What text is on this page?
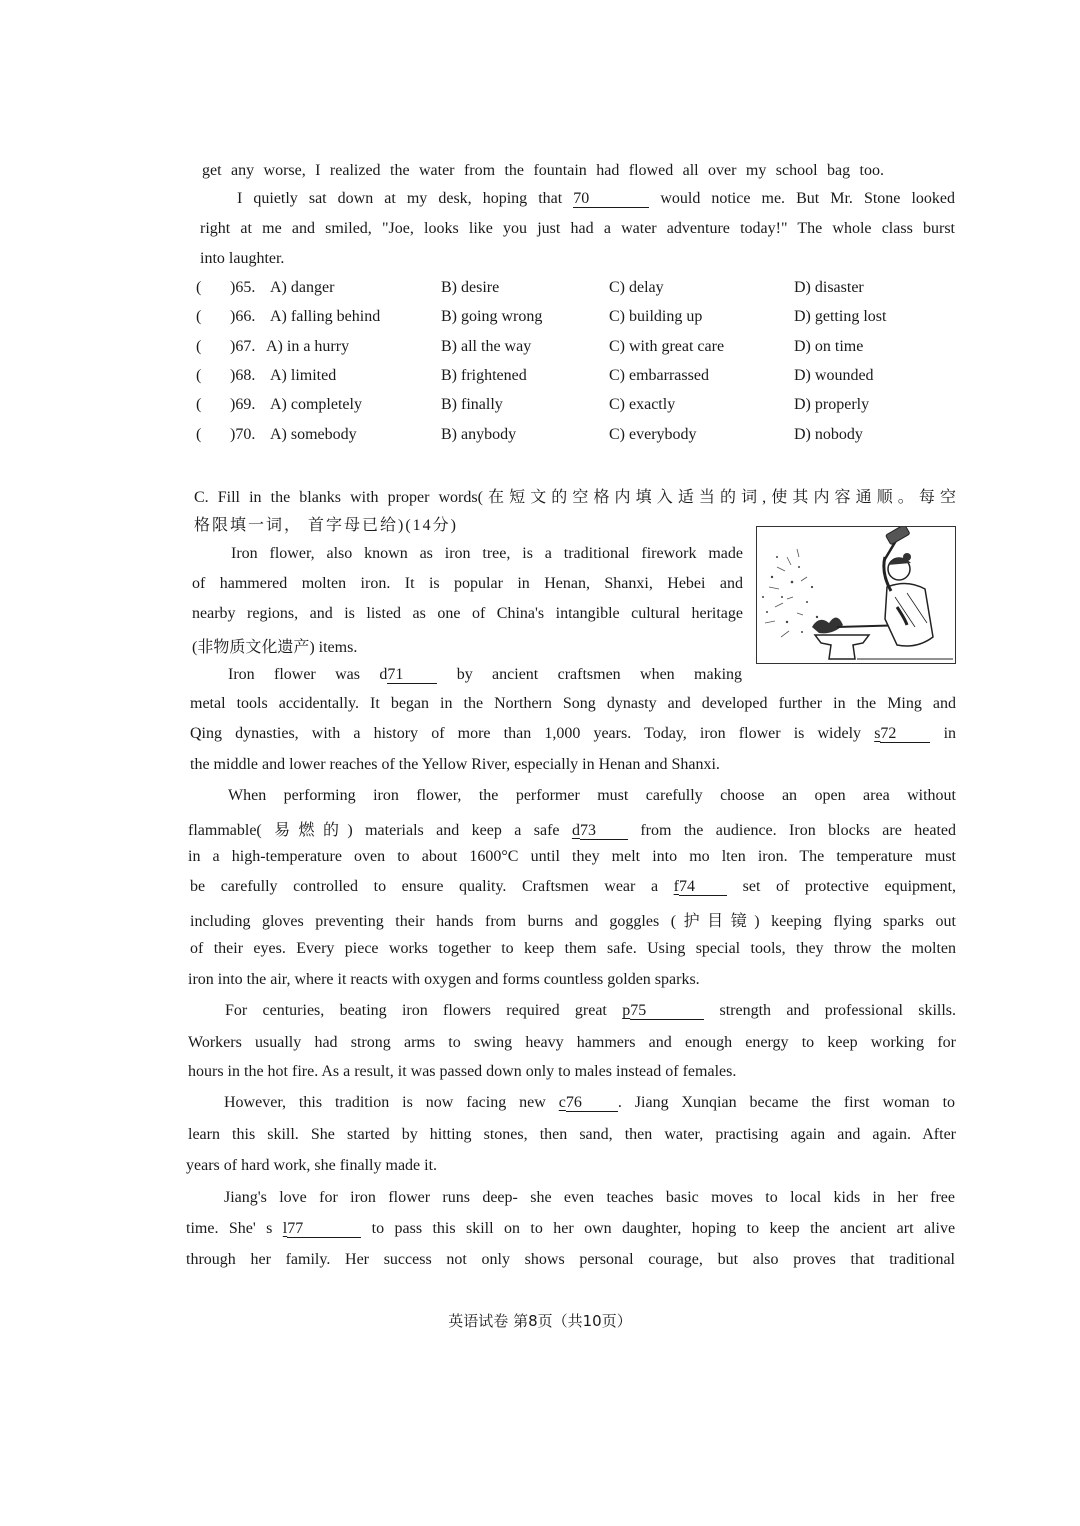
get any worse, I realized the water from the fountain had flowed all over my school bag too.
I quietly sat down at my desk, hoping that 70	would notice me. But Mr. Stone looked
right at me and smiled, "Joe, looks like you just had a water adventure today!" The whole class burst
into laughter.
( )65. A) danger	B) desire	C) delay	D) disaster
( )66. A) falling behind	B) going wrong	C) building up	D) getting lost
( )67. A) in a hurry	B) all the way	C) with great care	D) on time
( )68. A) limited	B) frightened	C) embarrassed	D) wounded
( )69. A) completely	B) finally	C) exactly	D) properly
( )70. A) somebody	B) anybody	C) everybody	D) nobody
C. Fill in the blanks with proper words(在短文的空格内填入适当的词,使其内容通顺。每空
格限填一词， 首字母已给)(14分)
Iron flower, also known as iron tree, is a traditional firework made
of hammered molten iron. It is popular in Henan, Shanxi, Hebei and
nearby regions, and is listed as one of China's intangible cultural heritage
(非物质文化遗产) items.
Iron flower was d71	by ancient craftsmen when making
metal tools accidentally. It began in the Northern Song dynasty and developed further in the Ming and
Qing dynasties, with a history of more than 1,000 years. Today, iron flower is widely s72	in
the middle and lower reaches of the Yellow River, especially in Henan and Shanxi.
When performing iron flower, the performer must carefully choose an open area without
flammable( 易燃的) materials and keep a safe d73	from the audience. Iron blocks are heated
in a high-temperature oven to about 1600°C until they melt into mo lten iron. The temperature must
be carefully controlled to ensure quality. Craftsmen wear a f74	set of protective equipment,
including gloves preventing their hands from burns and goggles (护目镜) keeping flying sparks out
of their eyes. Every piece works together to keep them safe. Using special tools, they throw the molten
iron into the air, where it reacts with oxygen and forms countless golden sparks.
For centuries, beating iron flowers required great p75	strength and professional skills.
Workers usually had strong arms to swing heavy hammers and enough energy to keep working for
hours in the hot fire. As a result, it was passed down only to males instead of females.
However, this tradition is now facing new c76 . Jiang Xunqian became the first woman to
learn this skill. She started by hitting stones, then sand, then water, practising again and again. After
years of hard work, she finally made it.
Jiang's love for iron flower runs deep- she even teaches basic moves to local kids in her free
time. She' s l77	to pass this skill on to her own daughter, hoping to keep the ancient art alive
through her family. Her success not only shows personal courage, but also proves that traditional
英语试卷 第8页（共10页）
